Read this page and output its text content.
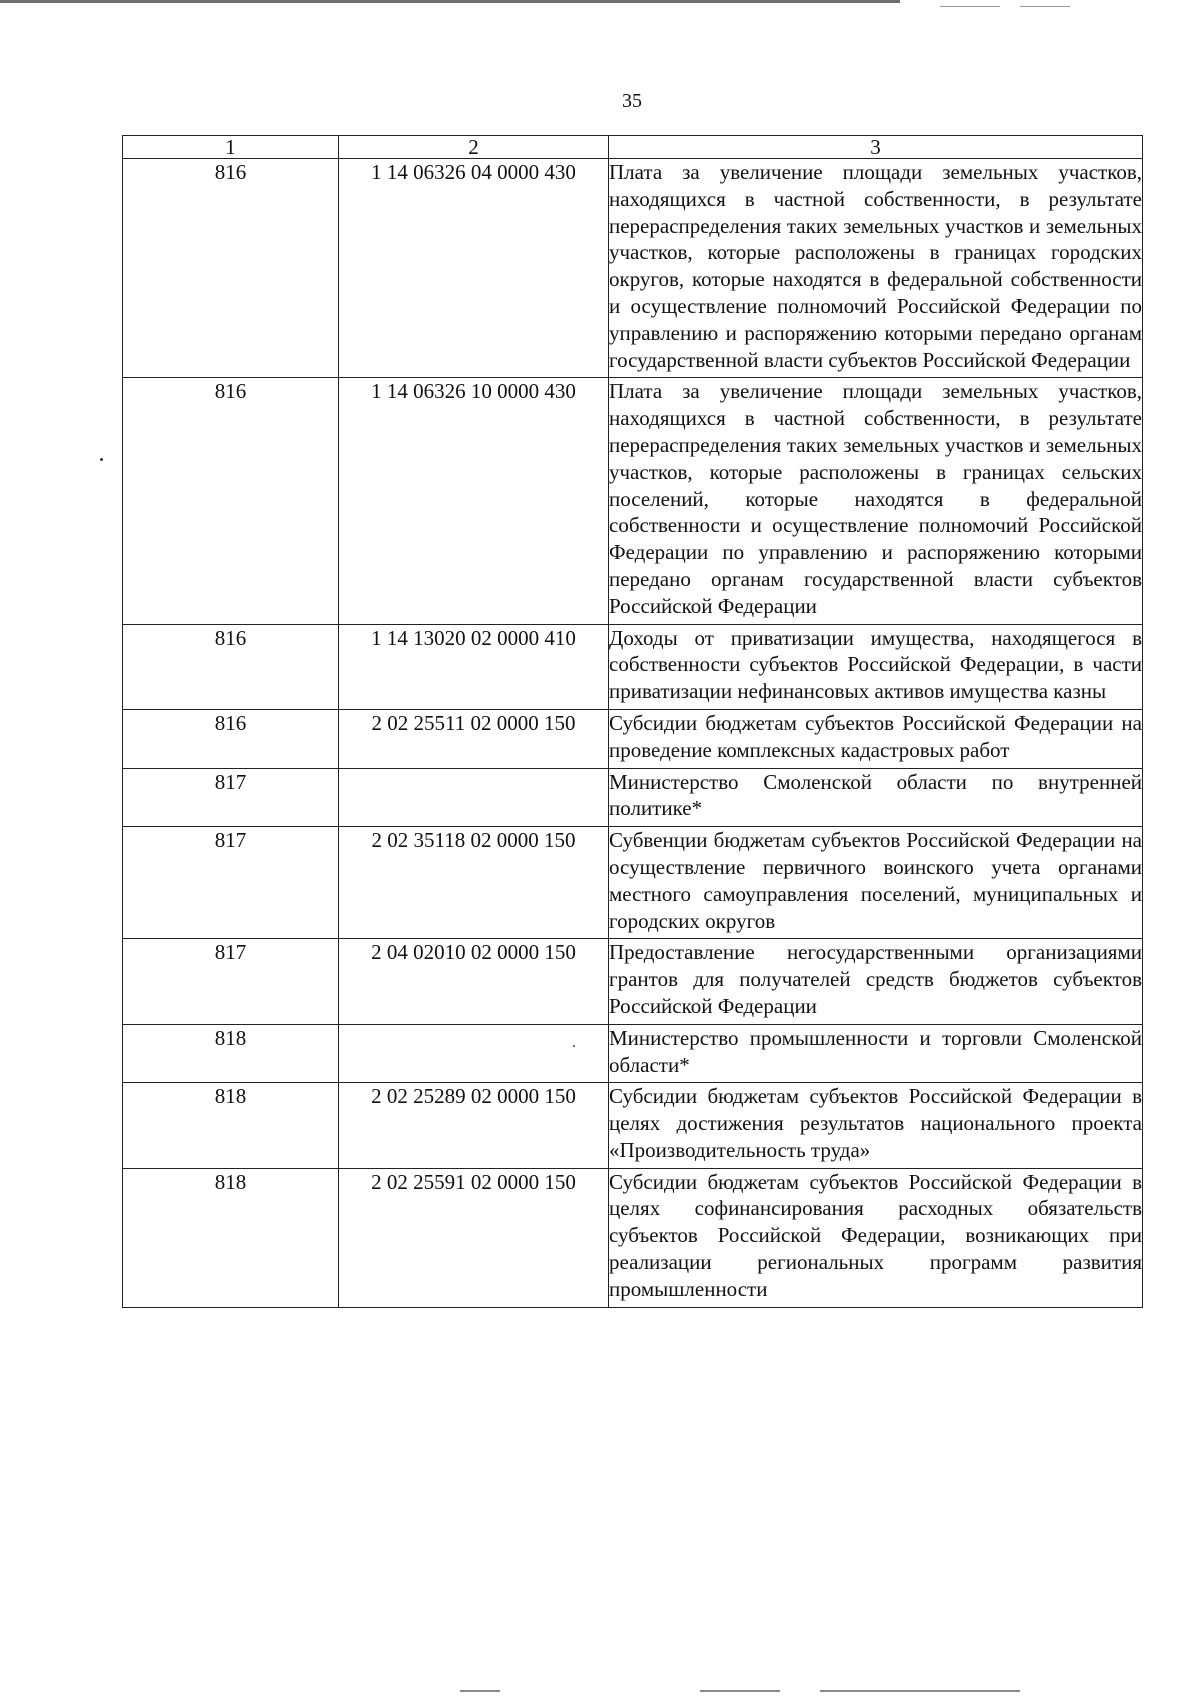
35
1	2	3
816	1 14 06326 04 0000 430	Плата за увеличение площади земельных участков, находящихся в частной собственности, в результате перераспределения таких земельных участков и земельных участков, которые расположены в границах городских округов, которые находятся в федеральной собственности и осуществление полномочий Российской Федерации по управлению и распоряжению которыми передано органам государственной власти субъектов Российской Федерации
816	1 14 06326 10 0000 430	Плата за увеличение площади земельных участков, находящихся в частной собственности, в результате перераспределения таких земельных участков и земельных участков, которые расположены в границах сельских поселений, которые находятся в федеральной собственности и осуществление полномочий Российской Федерации по управлению и распоряжению которыми передано органам государственной власти субъектов Российской Федерации
816	1 14 13020 02 0000 410	Доходы от приватизации имущества, находящегося в собственности субъектов Российской Федерации, в части приватизации нефинансовых активов имущества казны
816	2 02 25511 02 0000 150	Субсидии бюджетам субъектов Российской Федерации на проведение комплексных кадастровых работ
817		Министерство Смоленской области по внутренней политике*
817	2 02 35118 02 0000 150	Субвенции бюджетам субъектов Российской Федерации на осуществление первичного воинского учета органами местного самоуправления поселений, муниципальных и городских округов
817	2 04 02010 02 0000 150	Предоставление негосударственными организациями грантов для получателей средств бюджетов субъектов Российской Федерации
818		Министерство промышленности и торговли Смоленской области*
818	2 02 25289 02 0000 150	Субсидии бюджетам субъектов Российской Федерации в целях достижения результатов национального проекта «Производительность труда»
818	2 02 25591 02 0000 150	Субсидии бюджетам субъектов Российской Федерации в целях софинансирования расходных обязательств субъектов Российской Федерации, возникающих при реализации региональных программ развития промышленности
